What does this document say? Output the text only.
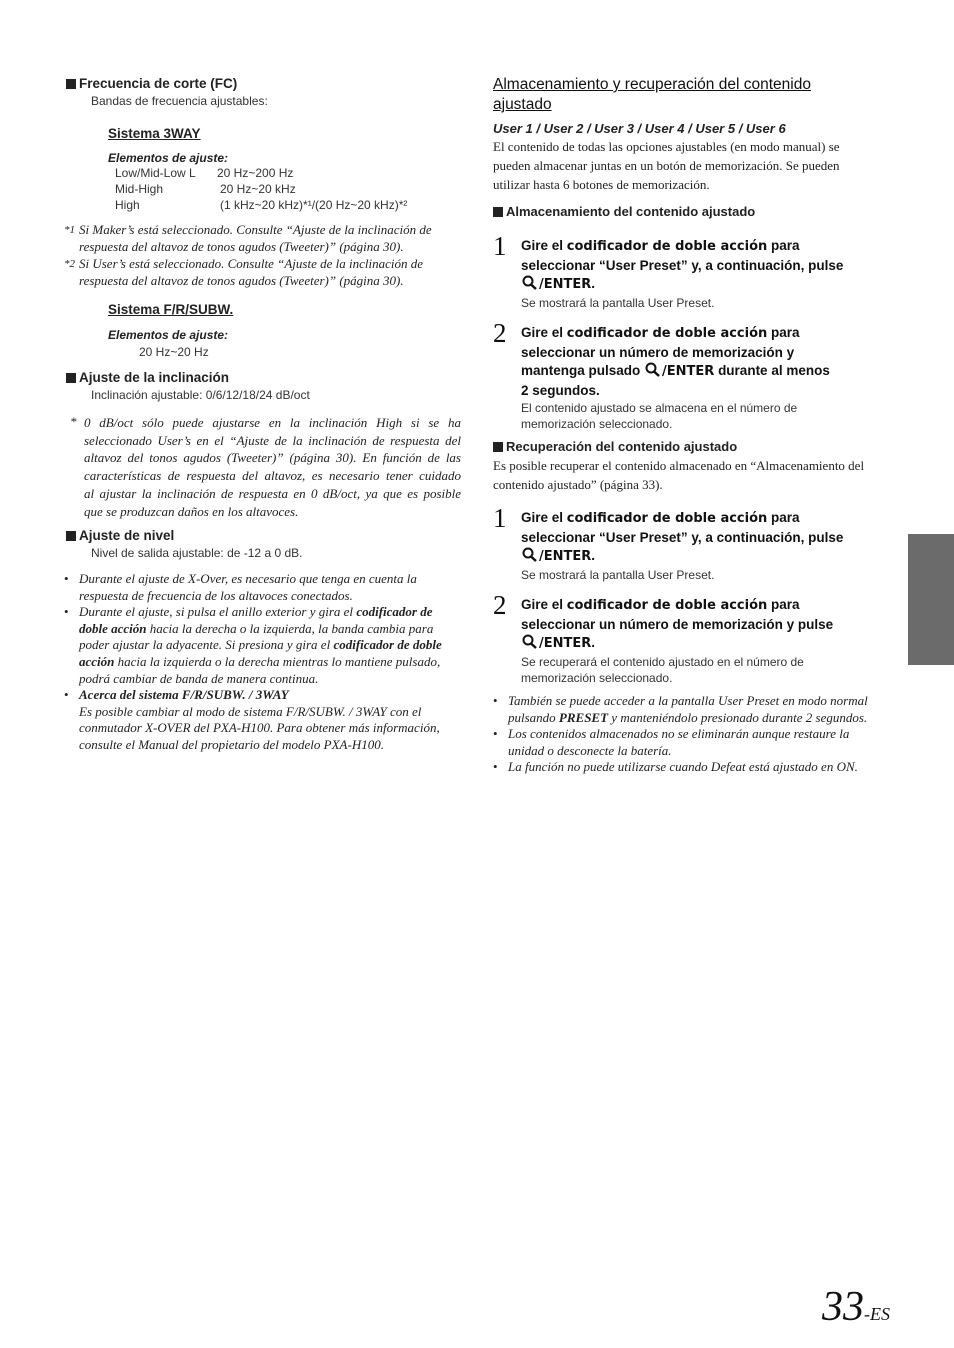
Frecuencia de corte (FC)
Bandas de frecuencia ajustables:
Sistema 3WAY
Elementos de ajuste:
Low/Mid-Low L 20 Hz~200 Hz
Mid-High	20 Hz~20 kHz
High	(1 kHz~20 kHz)*¹/(20 Hz~20 kHz)*²
*1 Si Maker’s está seleccionado. Consulte “Ajuste de la inclinación de
respuesta del altavoz de tonos agudos (Tweeter)” (página 30).
*2 Si User’s está seleccionado. Consulte “Ajuste de la inclinación de
respuesta del altavoz de tonos agudos (Tweeter)” (página 30).
Sistema F/R/SUBW.
Elementos de ajuste:
20 Hz~20 Hz
Ajuste de la inclinación
Inclinación ajustable: 0/6/12/18/24 dB/oct
* 0 dB/oct sólo puede ajustarse en la inclinación High si se ha
seleccionado User’s en el “Ajuste de la inclinación de respuesta del
altavoz del tonos agudos (Tweeter)” (página 30). En función de las
características de respuesta del altavoz, es necesario tener cuidado
al ajustar la inclinación de respuesta en 0 dB/oct, ya que es posible
que se produzcan daños en los altavoces.
Ajuste de nivel
Nivel de salida ajustable: de -12 a 0 dB.
• Durante el ajuste de X-Over, es necesario que tenga en cuenta la
respuesta de frecuencia de los altavoces conectados.
• Durante el ajuste, si pulsa el anillo exterior y gira el codificador de
doble acción hacia la derecha o la izquierda, la banda cambia para
poder ajustar la adyacente. Si presiona y gira el codificador de doble
acción hacia la izquierda o la derecha mientras lo mantiene pulsado,
podrá cambiar de banda de manera continua.
• Acerca del sistema F/R/SUBW. / 3WAY
Es posible cambiar al modo de sistema F/R/SUBW. / 3WAY con el
conmutador X-OVER del PXA-H100. Para obtener más información,
consulte el Manual del propietario del modelo PXA-H100.
Almacenamiento y recuperación del contenido
ajustado
User 1 / User 2 / User 3 / User 4 / User 5 / User 6
El contenido de todas las opciones ajustables (en modo manual) se
pueden almacenar juntas en un botón de memorización. Se pueden
utilizar hasta 6 botones de memorización.
Almacenamiento del contenido ajustado
1 Gire el codificador de doble acción para
seleccionar “User Preset” y, a continuación, pulse
/ENTER.
Se mostrará la pantalla User Preset.
2 Gire el codificador de doble acción para
seleccionar un número de memorización y
mantenga pulsado /ENTER durante al menos
2 segundos.
El contenido ajustado se almacena en el número de
memorización seleccionado.
Recuperación del contenido ajustado
Es posible recuperar el contenido almacenado en “Almacenamiento del
contenido ajustado” (página 33).
1 Gire el codificador de doble acción para
seleccionar “User Preset” y, a continuación, pulse
/ENTER.
Se mostrará la pantalla User Preset.
2 Gire el codificador de doble acción para
seleccionar un número de memorización y pulse
/ENTER.
Se recuperará el contenido ajustado en el número de
memorización seleccionado.
• También se puede acceder a la pantalla User Preset en modo normal
pulsando PRESET y manteniéndolo presionado durante 2 segundos.
• Los contenidos almacenados no se eliminarán aunque restaure la
unidad o desconecte la batería.
• La función no puede utilizarse cuando Defeat está ajustado en ON.
33-ES
